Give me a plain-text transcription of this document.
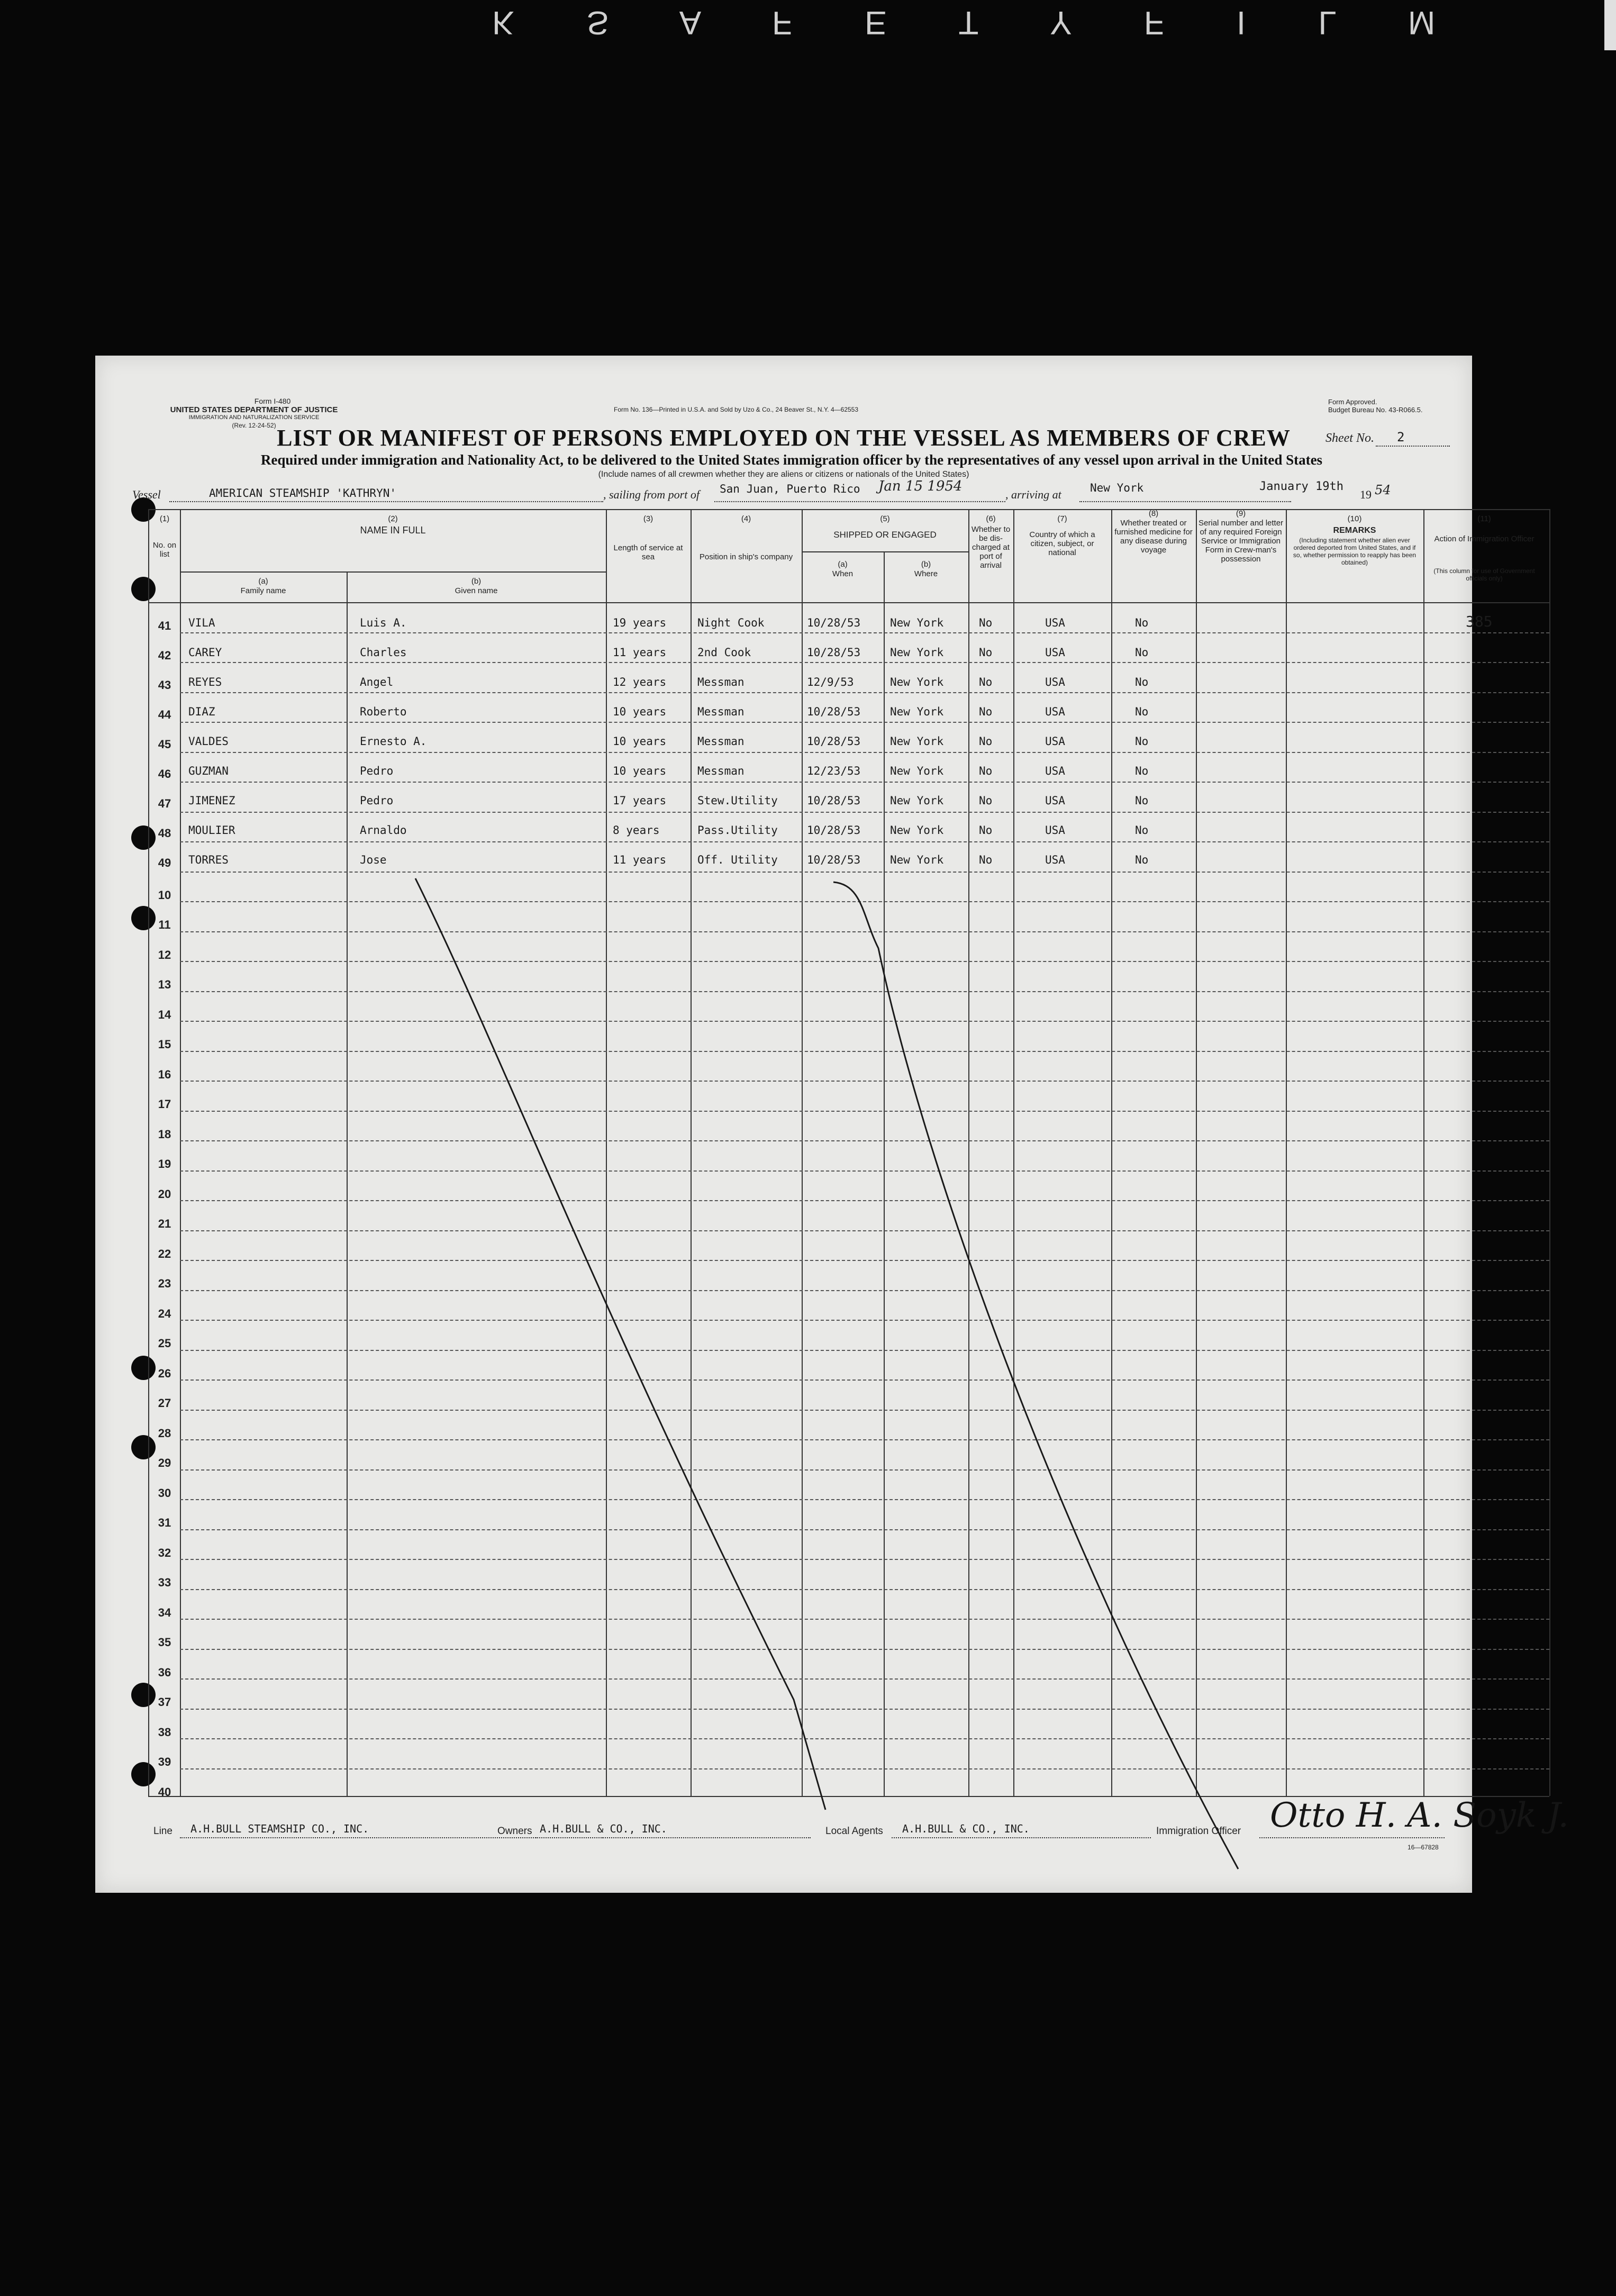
K S A F E T Y F I L M
Form I-480
UNITED STATES DEPARTMENT OF JUSTICE
IMMIGRATION AND NATURALIZATION SERVICE
(Rev. 12-24-52)
Form No. 136—Printed in U.S.A. and Sold by Uzo & Co., 24 Beaver St., N.Y. 4—62553
Form Approved.
Budget Bureau No. 43-R066.5.
LIST OR MANIFEST OF PERSONS EMPLOYED ON THE VESSEL AS MEMBERS OF CREW	Sheet No. 2
Required under immigration and Nationality Act, to be delivered to the United States immigration officer by the representatives of any vessel upon arrival in the United States
(Include names of all crewmen whether they are aliens or citizens or nationals of the United States)
Vessel	AMERICAN STEAMSHIP 'KATHRYN'	, sailing from port of San Juan, Puerto Rico Jan 15 1954
, arriving at	New York	January 19th
19 54
(1)
No. on list
(2)
NAME IN FULL
(a)
Family name
(b)
Given name
(3)
Length of service at sea
(4)
Position in ship's company
(5)
SHIPPED OR ENGAGED
(a)
When
(b)
Where
(6)
Whether to be dis-charged at port of arrival
(7)
Country of which a citizen, subject, or national
(8)
Whether treated or furnished medicine for any disease during voyage
(9)
Serial number and letter of any required Foreign Service or Immigration Form in Crew-man's possession
(10)
REMARKS
(Including statement whether alien ever ordered deported from United States, and if so, whether permission to reapply has been obtained)
(11)
Action of Immigration Officer
(This column for use of Government officials only)
41	VILA	Luis A.	19 years	Night Cook	10/28/53	New York	No	USA	No	385
42	CAREY	Charles	11 years	2nd Cook	10/28/53	New York	No	USA	No
43	REYES	Angel	12 years	Messman	12/9/53	New York	No	USA	No
44	DIAZ	Roberto	10 years	Messman	10/28/53	New York	No	USA	No
45	VALDES	Ernesto A.	10 years	Messman	10/28/53	New York	No	USA	No
46	GUZMAN	Pedro	10 years	Messman	12/23/53	New York	No	USA	No
47	JIMENEZ	Pedro	17 years	Stew.Utility	10/28/53	New York	No	USA	No
48	MOULIER	Arnaldo	8 years	Pass.Utility	10/28/53	New York	No	USA	No
49	TORRES	Jose	11 years	Off. Utility	10/28/53	New York	No	USA	No
10
11
12
13
14
15
16
17
18
19
20
21
22
23
24
25
26
27
28
29
30
31
32
33
34
35
36
37
38
39
40
Line A.H.BULL STEAMSHIP CO., INC.	Owners A.H.BULL & CO., INC.	Local Agents A.H.BULL & CO., INC.	Immigration Officer Otto H. A. Soyk J.
16—67828
